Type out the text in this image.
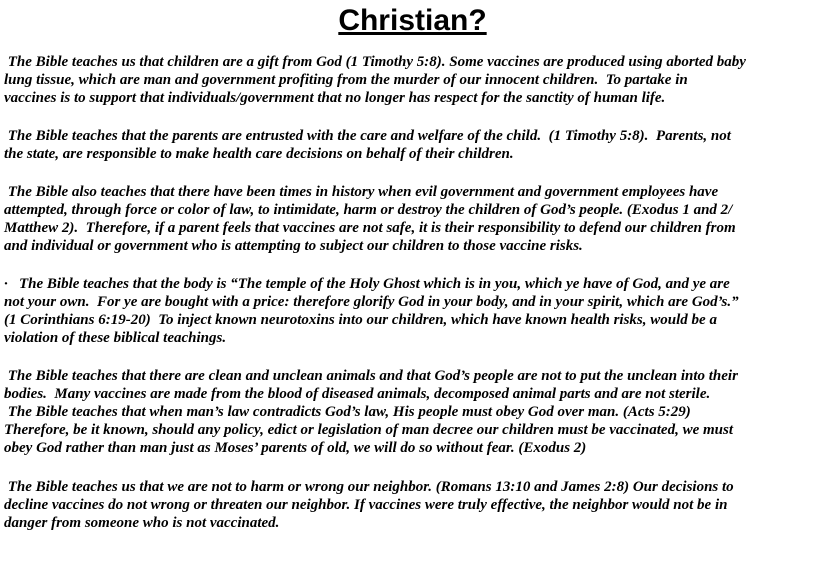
Christian?
The Bible teaches us that children are a gift from God (1 Timothy 5:8). Some vaccines are produced using aborted baby
lung tissue, which are man and government profiting from the murder of our innocent children.  To partake in
vaccines is to support that individuals/government that no longer has respect for the sanctity of human life.
The Bible teaches that the parents are entrusted with the care and welfare of the child.  (1 Timothy 5:8).  Parents, not
the state, are responsible to make health care decisions on behalf of their children.
The Bible also teaches that there have been times in history when evil government and government employees have
attempted, through force or color of law, to intimidate, harm or destroy the children of God’s people. (Exodus 1 and 2/
Matthew 2).  Therefore, if a parent feels that vaccines are not safe, it is their responsibility to defend our children from
and individual or government who is attempting to subject our children to those vaccine risks.
·   The Bible teaches that the body is “The temple of the Holy Ghost which is in you, which ye have of God, and ye are
not your own.  For ye are bought with a price: therefore glorify God in your body, and in your spirit, which are God’s.”
(1 Corinthians 6:19-20)  To inject known neurotoxins into our children, which have known health risks, would be a
violation of these biblical teachings.
The Bible teaches that there are clean and unclean animals and that God’s people are not to put the unclean into their
bodies.  Many vaccines are made from the blood of diseased animals, decomposed animal parts and are not sterile.
The Bible teaches that when man’s law contradicts God’s law, His people must obey God over man. (Acts 5:29)
Therefore, be it known, should any policy, edict or legislation of man decree our children must be vaccinated, we must
obey God rather than man just as Moses’ parents of old, we will do so without fear. (Exodus 2)
The Bible teaches us that we are not to harm or wrong our neighbor. (Romans 13:10 and James 2:8) Our decisions to
decline vaccines do not wrong or threaten our neighbor. If vaccines were truly effective, the neighbor would not be in
danger from someone who is not vaccinated.
